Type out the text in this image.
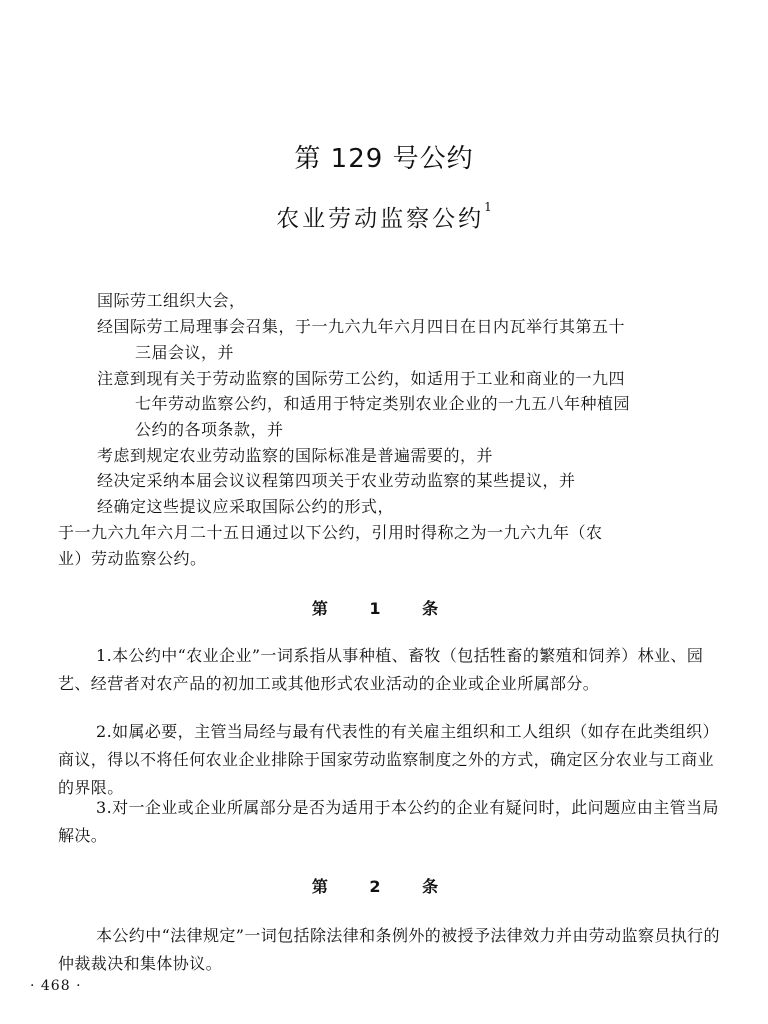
第 129 号公约
农业劳动监察公约$^1$
国际劳工组织大会，
经国际劳工局理事会召集，于一九六九年六月四日在日内瓦举行其第五十
三届会议，并
注意到现有关于劳动监察的国际劳工公约，如适用于工业和商业的一九四
七年劳动监察公约，和适用于特定类别农业企业的一九五八年种植园
公约的各项条款，并
考虑到规定农业劳动监察的国际标准是普遍需要的，并
经决定采纳本届会议议程第四项关于农业劳动监察的某些提议，并
经确定这些提议应采取国际公约的形式，
于一九六九年六月二十五日通过以下公约，引用时得称之为一九六九年（农
业）劳动监察公约。
第 1 条
1.本公约中“农业企业”一词系指从事种植、畜牧（包括牲畜的繁殖和饲养）林业、园艺、经营者对农产品的初加工或其他形式农业活动的企业或企业所属部分。
2.如属必要，主管当局经与最有代表性的有关雇主组织和工人组织（如存在此类组织）商议，得以不将任何农业企业排除于国家劳动监察制度之外的方式，确定区分农业与工商业的界限。
3.对一企业或企业所属部分是否为适用于本公约的企业有疑问时，此问题应由主管当局解决。
第 2 条
本公约中“法律规定”一词包括除法律和条例外的被授予法律效力并由劳动监察员执行的仲裁裁决和集体协议。
· 468 ·
